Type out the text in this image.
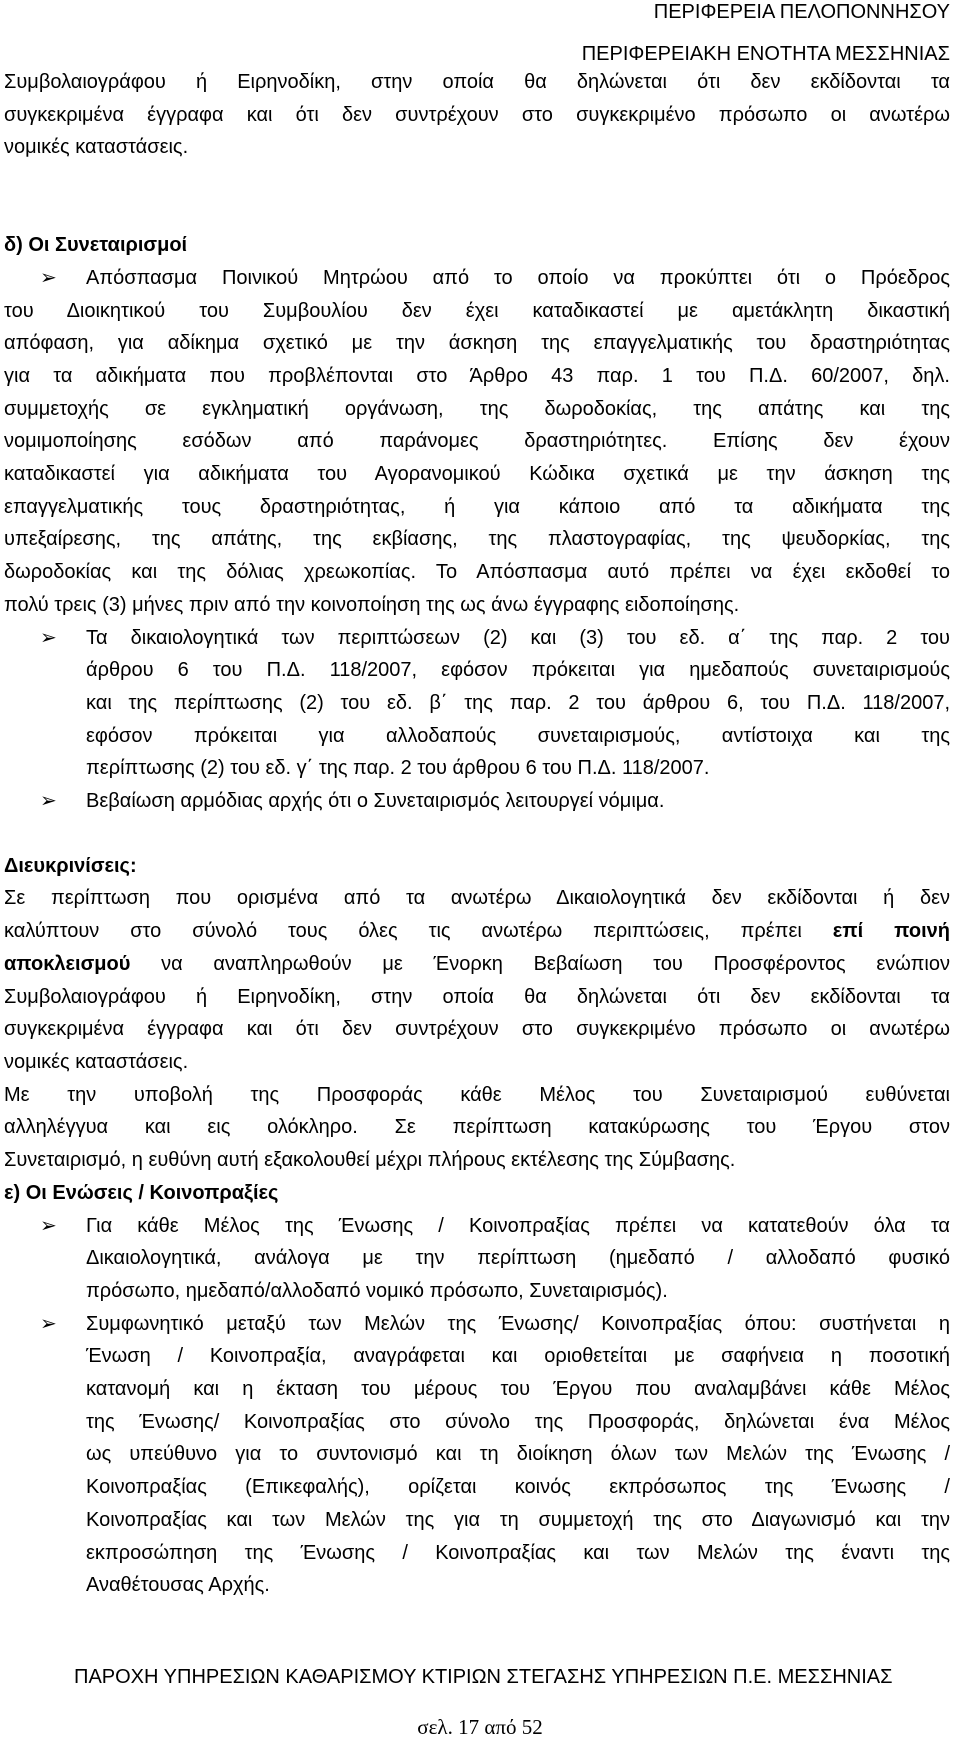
ΠΕΡΙΦΕΡΕΙΑ ΠΕΛΟΠΟΝΝΗΣΟΥ
ΠΕΡΙΦΕΡΕΙΑΚΗ ΕΝΟΤΗΤΑ ΜΕΣΣΗΝΙΑΣ

Συμβολαιογράφου ή Ειρηνοδίκη, στην οποία θα δηλώνεται ότι δεν εκδίδονται τα

συγκεκριμένα έγγραφα και ότι δεν συντρέχουν στο συγκεκριμένο πρόσωπο οι ανωτέρω

νομικές καταστάσεις.

δ) Οι Συνεταιρισμοί

➢ Απόσπασμα Ποινικού Μητρώου από το οποίο να προκύπτει ότι ο Πρόεδρος

του Διοικητικού του Συμβουλίου δεν έχει καταδικαστεί με αμετάκλητη δικαστική

απόφαση, για αδίκημα σχετικό με την άσκηση της επαγγελματικής του δραστηριότητας

για τα αδικήματα που προβλέπονται στο Άρθρο 43 παρ. 1 του Π.Δ. 60/2007, δηλ.

συμμετοχής σε εγκληματική οργάνωση, της δωροδοκίας, της απάτης και της

νομιμοποίησης εσόδων από παράνομες δραστηριότητες. Επίσης δεν έχουν

καταδικαστεί για αδικήματα του Αγορανομικού Κώδικα σχετικά με την άσκηση της

επαγγελματικής τους δραστηριότητας, ή για κάποιο από τα αδικήματα της

υπεξαίρεσης, της απάτης, της εκβίασης, της πλαστογραφίας, της ψευδορκίας, της

δωροδοκίας και της δόλιας χρεωκοπίας. Το Απόσπασμα αυτό πρέπει να έχει εκδοθεί το

πολύ τρεις (3) μήνες πριν από την κοινοποίηση της ως άνω έγγραφης ειδοποίησης.

➢ Τα δικαιολογητικά των περιπτώσεων (2) και (3) του εδ. α΄ της παρ. 2 του

άρθρου 6 του Π.Δ. 118/2007, εφόσον πρόκειται για ημεδαπούς συνεταιρισμούς

και της περίπτωσης (2) του εδ. β΄ της παρ. 2 του άρθρου 6, του Π.Δ. 118/2007,

εφόσον πρόκειται για αλλοδαπούς συνεταιρισμούς, αντίστοιχα και της

περίπτωσης (2) του εδ. γ΄ της παρ. 2 του άρθρου 6 του Π.Δ. 118/2007.

➢ Βεβαίωση αρμόδιας αρχής ότι ο Συνεταιρισμός λειτουργεί νόμιμα.

Διευκρινίσεις:

Σε περίπτωση που ορισμένα από τα ανωτέρω Δικαιολογητικά δεν εκδίδονται ή δεν

καλύπτουν στο σύνολό τους όλες τις ανωτέρω περιπτώσεις, πρέπει επί ποινή

αποκλεισμού να αναπληρωθούν με Ένορκη Βεβαίωση του Προσφέροντος ενώπιον

Συμβολαιογράφου ή Ειρηνοδίκη, στην οποία θα δηλώνεται ότι δεν εκδίδονται τα

συγκεκριμένα έγγραφα και ότι δεν συντρέχουν στο συγκεκριμένο πρόσωπο οι ανωτέρω

νομικές καταστάσεις.

Με την υποβολή της Προσφοράς κάθε Μέλος του Συνεταιρισμού ευθύνεται

αλληλέγγυα και εις ολόκληρο. Σε περίπτωση κατακύρωσης του Έργου στον

Συνεταιρισμό, η ευθύνη αυτή εξακολουθεί μέχρι πλήρους εκτέλεσης της Σύμβασης.

ε) Οι Ενώσεις / Κοινοπραξίες

➢ Για κάθε Μέλος της Ένωσης / Κοινοπραξίας πρέπει να κατατεθούν όλα τα

Δικαιολογητικά, ανάλογα με την περίπτωση (ημεδαπό / αλλοδαπό φυσικό

πρόσωπο, ημεδαπό/αλλοδαπό νομικό πρόσωπο, Συνεταιρισμός).

➢ Συμφωνητικό μεταξύ των Μελών της Ένωσης/ Κοινοπραξίας όπου: συστήνεται η

Ένωση / Κοινοπραξία, αναγράφεται και οριοθετείται με σαφήνεια η ποσοτική

κατανομή και η έκταση του μέρους του Έργου που αναλαμβάνει κάθε Μέλος

της Ένωσης/ Κοινοπραξίας στο σύνολο της Προσφοράς, δηλώνεται ένα Μέλος

ως υπεύθυνο για το συντονισμό και τη διοίκηση όλων των Μελών της Ένωσης /

Κοινοπραξίας (Επικεφαλής), ορίζεται κοινός εκπρόσωπος της Ένωσης /

Κοινοπραξίας και των Μελών της για τη συμμετοχή της στο Διαγωνισμό και την

εκπροσώπηση της Ένωσης / Κοινοπραξίας και των Μελών της έναντι της

Αναθέτουσας Αρχής.

ΠΑΡΟΧΗ ΥΠΗΡΕΣΙΩΝ ΚΑΘΑΡΙΣΜΟΥ ΚΤΙΡΙΩΝ ΣΤΕΓΑΣΗΣ ΥΠΗΡΕΣΙΩΝ Π.Ε. ΜΕΣΣΗΝΙΑΣ
σελ. 17 από 52
